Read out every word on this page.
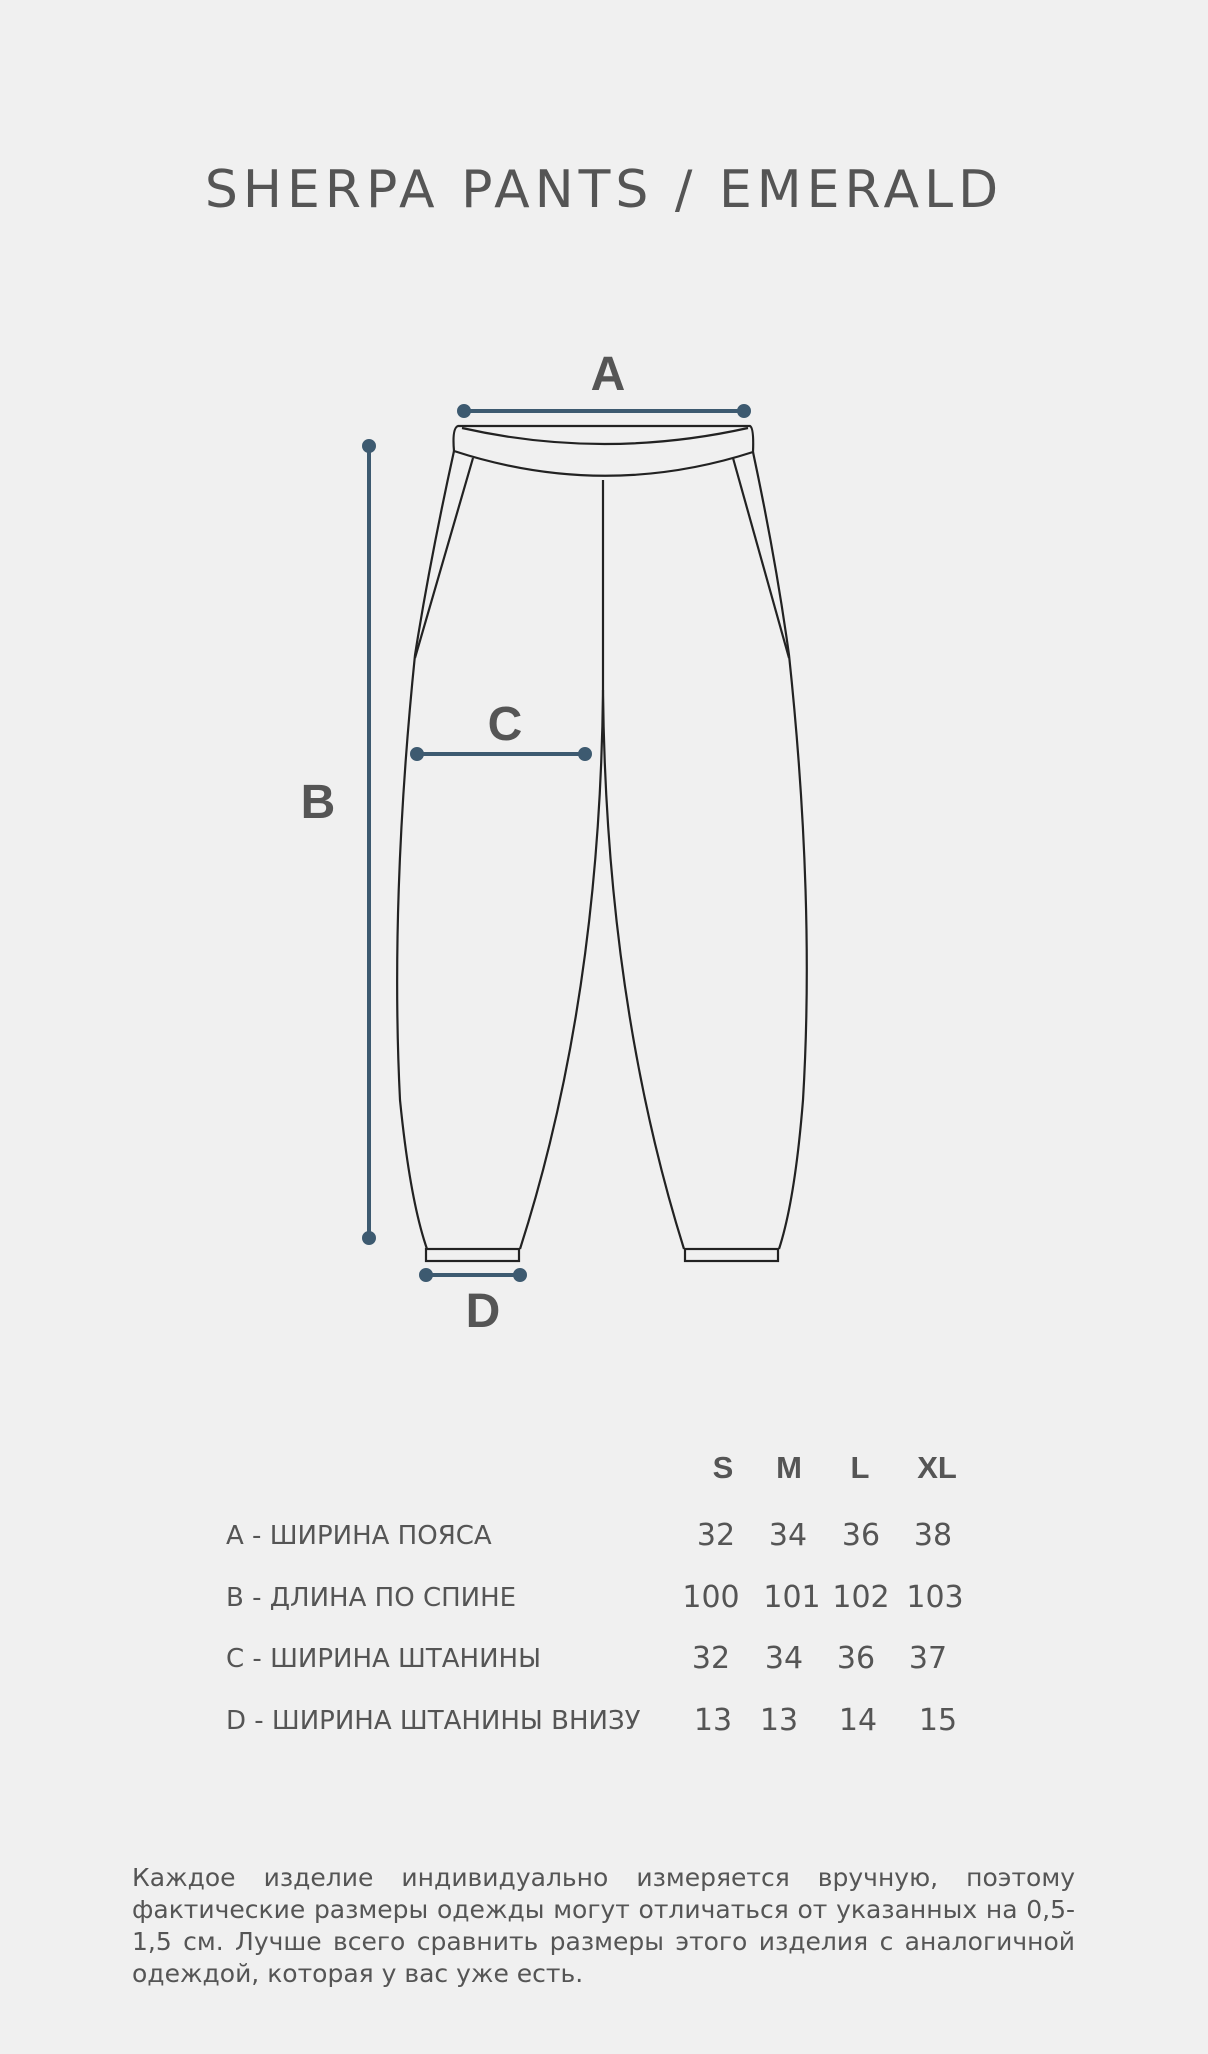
SHERPA PANTS / EMERALD
A
B
C
D
S	M	L	XL
A - ШИРИНА ПОЯСА	32	34	36	38
B - ДЛИНА ПО СПИНЕ	100 101 102 103
C - ШИРИНА ШТАНИНЫ	32	34	36	37
D - ШИРИНА ШТАНИНЫ ВНИЗУ	13 13	14	15
Каждое изделие индивидуально измеряется вручную, поэтому фактические размеры одежды могут отличаться от указанных на 0,5-1,5 см. Лучше всего сравнить размеры этого изделия с аналогичной одеждой, которая у вас уже есть.
